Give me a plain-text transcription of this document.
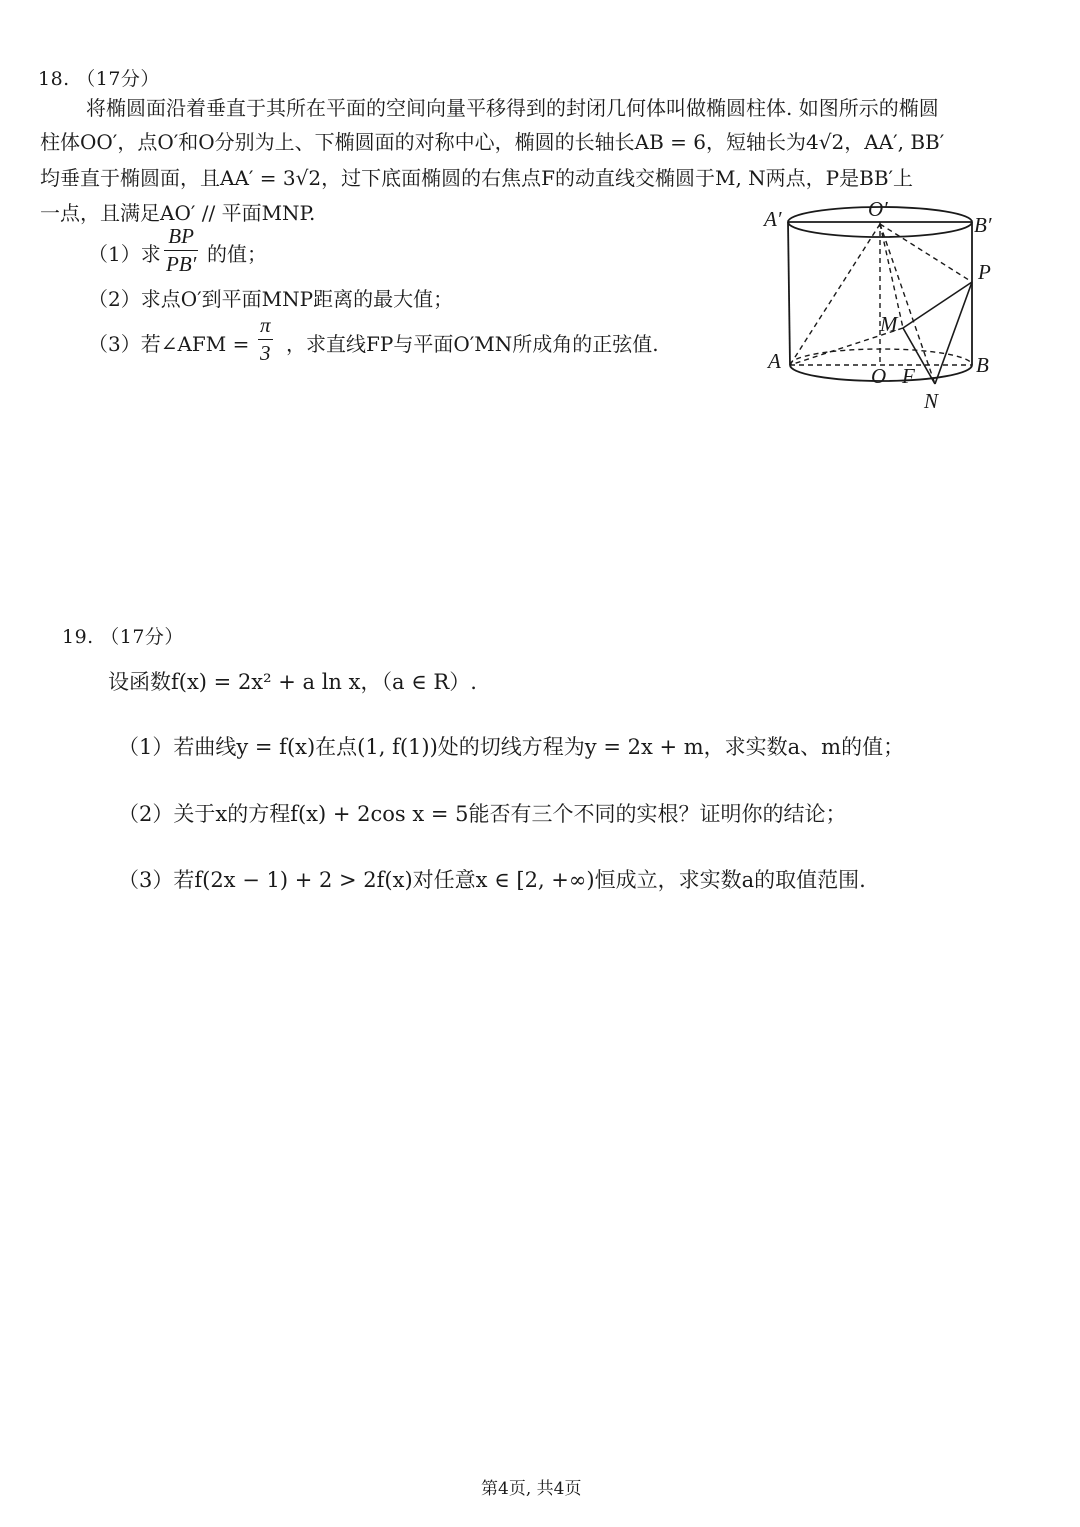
18. （17分）
将椭圆面沿着垂直于其所在平面的空间向量平移得到的封闭几何体叫做椭圆柱体. 如图所示的椭圆
柱体OO′，点O′和O分别为上、下椭圆面的对称中心，椭圆的长轴长AB = 6，短轴长为4√2，AA′, BB′
均垂直于椭圆面，且AA′ = 3√2，过下底面椭圆的右焦点F的动直线交椭圆于M, N两点，P是BB′上
一点，且满足AO′ // 平面MNP.
（1）求
BP
PB′ 的值；
（2）求点O′到平面MNP距离的最大值；
（3）若∠AFM =
π
3 ，求直线FP与平面O′MN所成角的正弦值.
A′	O′
B′
P
M
A
O F	B
N
19. （17分）
设函数f(x) = 2x² + a ln x，（a ∈ R）.
（1）若曲线y = f(x)在点(1, f(1))处的切线方程为y = 2x + m，求实数a、m的值；
（2）关于x的方程f(x) + 2cos x = 5能否有三个不同的实根？证明你的结论；
（3）若f(2x − 1) + 2 > 2f(x)对任意x ∈ [2, +∞)恒成立，求实数a的取值范围.
第4页, 共4页
